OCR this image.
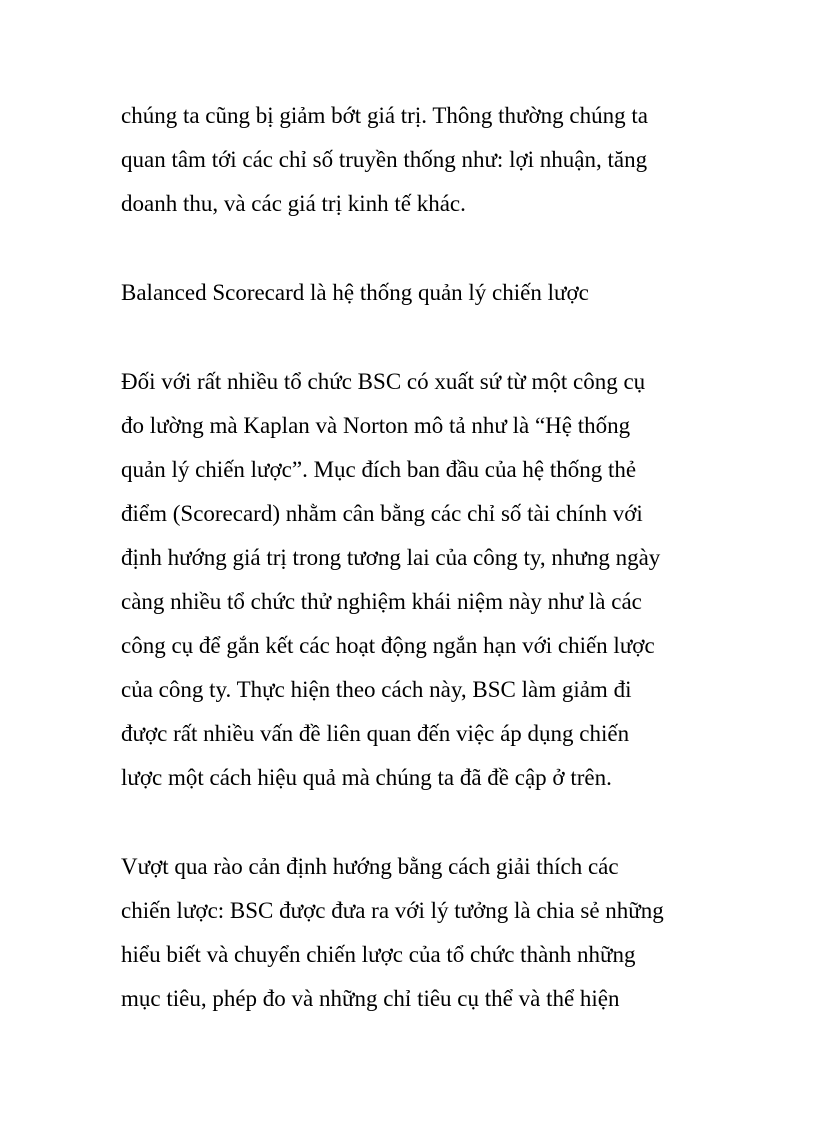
chúng ta cũng bị giảm bớt giá trị. Thông thường chúng ta

quan tâm tới các chỉ số truyền thống như: lợi nhuận, tăng

doanh thu, và các giá trị kinh tế khác.

Balanced Scorecard là hệ thống quản lý chiến lược

Đối với rất nhiều tổ chức BSC có xuất sứ từ một công cụ

đo lường mà Kaplan và Norton mô tả như là “Hệ thống

quản lý chiến lược”. Mục đích ban đầu của hệ thống thẻ

điểm (Scorecard) nhằm cân bằng các chỉ số tài chính với

định hướng giá trị trong tương lai của công ty, nhưng ngày

càng nhiều tổ chức thử nghiệm khái niệm này như là các

công cụ để gắn kết các hoạt động ngắn hạn với chiến lược

của công ty. Thực hiện theo cách này, BSC làm giảm đi

được rất nhiều vấn đề liên quan đến việc áp dụng chiến

lược một cách hiệu quả mà chúng ta đã đề cập ở trên.

Vượt qua rào cản định hướng bằng cách giải thích các

chiến lược: BSC được đưa ra với lý tưởng là chia sẻ những

hiểu biết và chuyển chiến lược của tổ chức thành những

mục tiêu, phép đo và những chỉ tiêu cụ thể và thể hiện
